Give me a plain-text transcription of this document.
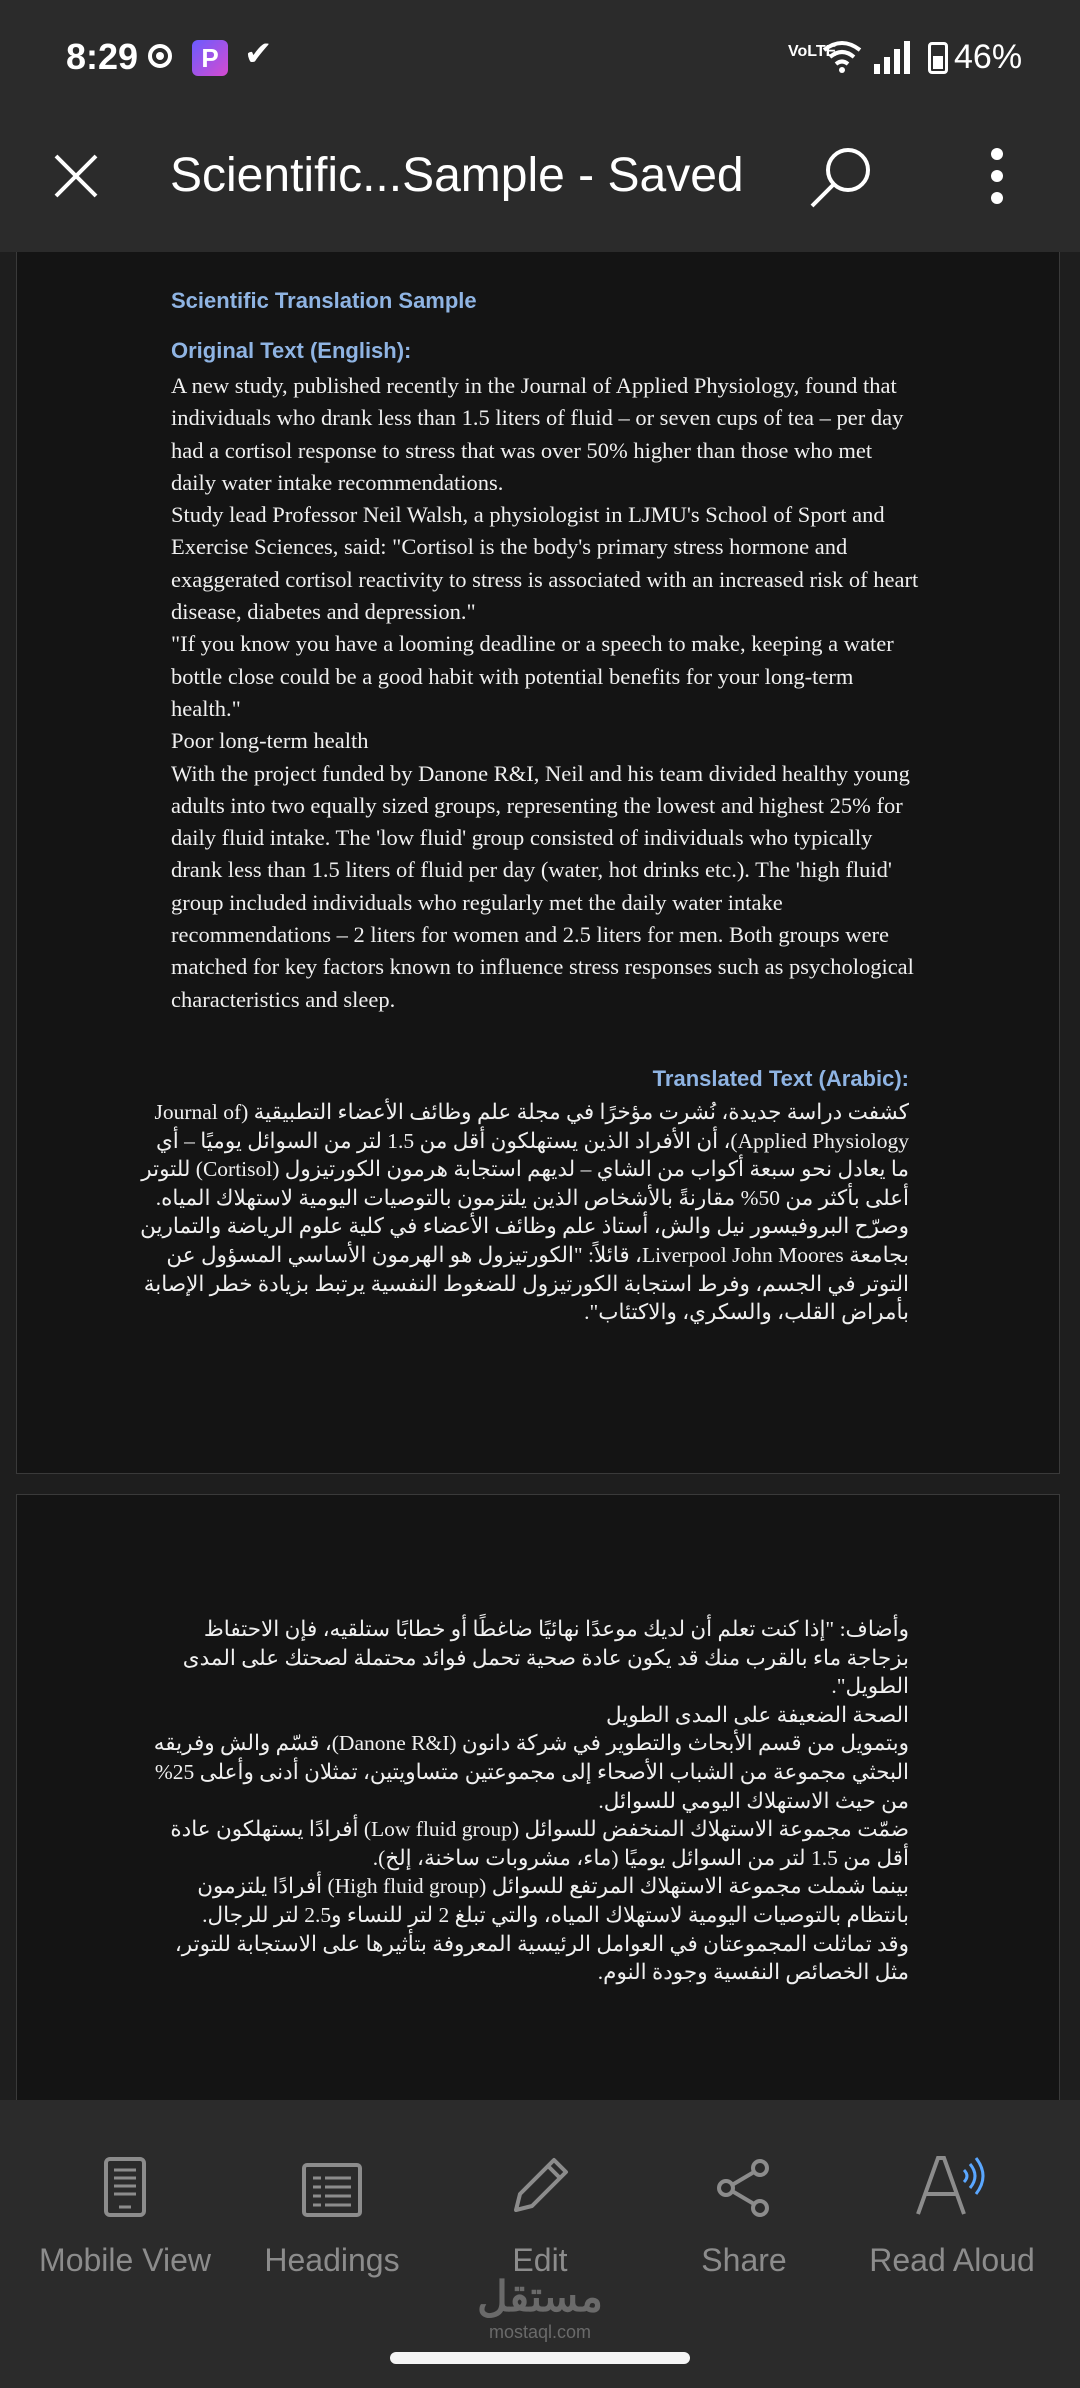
8:29	P ✔	VoLTE	46%
Scientific...Sample - Saved
Scientific Translation Sample
Original Text (English):

A new study, published recently in the Journal of Applied Physiology, found that individuals who drank less than 1.5 liters of fluid – or seven cups of tea – per day had a cortisol response to stress that was over 50% higher than those who met daily water intake recommendations.

Study lead Professor Neil Walsh, a physiologist in LJMU's School of Sport and Exercise Sciences, said: "Cortisol is the body's primary stress hormone and exaggerated cortisol reactivity to stress is associated with an increased risk of heart disease, diabetes and depression."

"If you know you have a looming deadline or a speech to make, keeping a water bottle close could be a good habit with potential benefits for your long-term health."

Poor long-term health

With the project funded by Danone R&I, Neil and his team divided healthy young adults into two equally sized groups, representing the lowest and highest 25% for daily fluid intake. The 'low fluid' group consisted of individuals who typically drank less than 1.5 liters of fluid per day (water, hot drinks etc.). The 'high fluid' group included individuals who regularly met the daily water intake recommendations – 2 liters for women and 2.5 liters for men. Both groups were matched for key factors known to influence stress responses such as psychological characteristics and sleep.

Translated Text (Arabic):

كشفت دراسة جديدة، نُشرت مؤخرًا في مجلة علم وظائف الأعضاء التطبيقية (Journal of Applied Physiology)، أن الأفراد الذين يستهلكون أقل من 1.5 لتر من السوائل يوميًا – أي ما يعادل نحو سبعة أكواب من الشاي – لديهم استجابة هرمون الكورتيزول (Cortisol) للتوتر أعلى بأكثر من 50% مقارنةً بالأشخاص الذين يلتزمون بالتوصيات اليومية لاستهلاك المياه.

وصرّح البروفيسور نيل والش، أستاذ علم وظائف الأعضاء في كلية علوم الرياضة والتمارين بجامعة Liverpool John Moores، قائلاً: "الكورتيزول هو الهرمون الأساسي المسؤول عن التوتر في الجسم، وفرط استجابة الكورتيزول للضغوط النفسية يرتبط بزيادة خطر الإصابة بأمراض القلب، والسكري، والاكتئاب".

وأضاف: "إذا كنت تعلم أن لديك موعدًا نهائيًا ضاغطًا أو خطابًا ستلقيه، فإن الاحتفاظ بزجاجة ماء بالقرب منك قد يكون عادة صحية تحمل فوائد محتملة لصحتك على المدى الطويل".

الصحة الضعيفة على المدى الطويل

وبتمويل من قسم الأبحاث والتطوير في شركة دانون (Danone R&I)، قسّم والش وفريقه البحثي مجموعة من الشباب الأصحاء إلى مجموعتين متساويتين، تمثلان أدنى وأعلى 25% من حيث الاستهلاك اليومي للسوائل.

ضمّت مجموعة الاستهلاك المنخفض للسوائل (Low fluid group) أفرادًا يستهلكون عادة أقل من 1.5 لتر من السوائل يوميًا (ماء، مشروبات ساخنة، إلخ).

بينما شملت مجموعة الاستهلاك المرتفع للسوائل (High fluid group) أفرادًا يلتزمون بانتظام بالتوصيات اليومية لاستهلاك المياه، والتي تبلغ 2 لتر للنساء و2.5 لتر للرجال.

وقد تماثلت المجموعتان في العوامل الرئيسية المعروفة بتأثيرها على الاستجابة للتوتر، مثل الخصائص النفسية وجودة النوم.

Mobile View	Headings	Edit	Share	Read Aloud
مستقل
mostaql.com
